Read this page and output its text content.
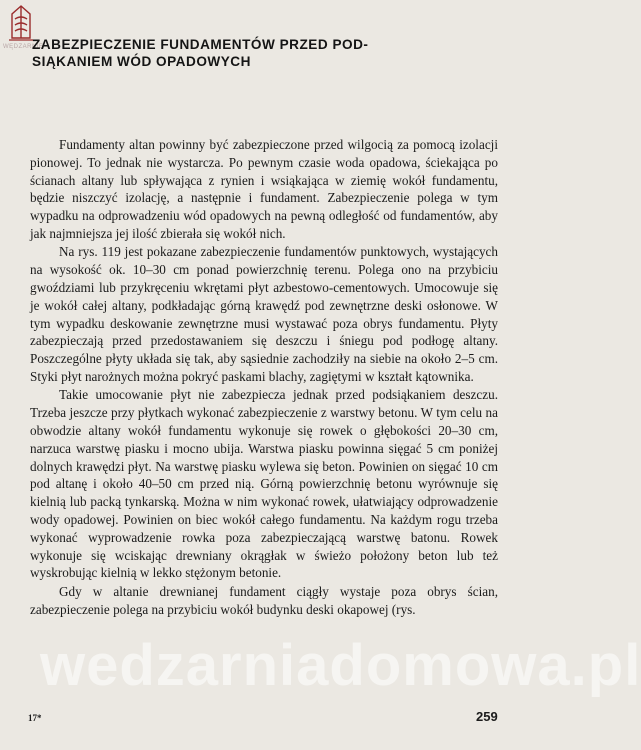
WĘDZARNIE
ZABEZPIECZENIE FUNDAMENTÓW PRZED POD-
SIĄKANIEM WÓD OPADOWYCH

Fundamenty altan powinny być zabezpieczone przed wilgocią za pomocą izolacji pionowej. To jednak nie wystarcza. Po pewnym czasie woda opadowa, ściekająca po ścianach altany lub spływająca z rynien i wsiąkająca w ziemię wokół fundamentu, będzie niszczyć izolację, a następnie i fundament. Zabezpieczenie polega w tym wypadku na odprowadzeniu wód opadowych na pewną odległość od fundamentów, aby jak najmniejsza jej ilość zbierała się wokół nich.

Na rys. 119 jest pokazane zabezpieczenie fundamentów punktowych, wystających na wysokość ok. 10–30 cm ponad powierzchnię terenu. Polega ono na przybiciu gwoździami lub przykręceniu wkrętami płyt azbestowo-cementowych. Umocowuje się je wokół całej altany, podkładając górną krawędź pod zewnętrzne deski osłonowe. W tym wypadku deskowanie zewnętrzne musi wystawać poza obrys fundamentu. Płyty zabezpieczają przed przedostawaniem się deszczu i śniegu pod podłogę altany. Poszczególne płyty układa się tak, aby sąsiednie zachodziły na siebie na około 2–5 cm. Styki płyt narożnych można pokryć paskami blachy, zagiętymi w kształt kątownika.

Takie umocowanie płyt nie zabezpiecza jednak przed podsiąkaniem deszczu. Trzeba jeszcze przy płytkach wykonać zabezpieczenie z warstwy betonu. W tym celu na obwodzie altany wokół fundamentu wykonuje się rowek o głębokości 20–30 cm, narzuca warstwę piasku i mocno ubija. Warstwa piasku powinna sięgać 5 cm poniżej dolnych krawędzi płyt. Na warstwę piasku wylewa się beton. Powinien on sięgać 10 cm pod altanę i około 40–50 cm przed nią. Górną powierzchnię betonu wyrównuje się kielnią lub packą tynkarską. Można w nim wykonać rowek, ułatwiający odprowadzenie wody opadowej. Powinien on biec wokół całego fundamentu. Na każdym rogu trzeba wykonać wyprowadzenie rowka poza zabezpieczającą warstwę batonu. Rowek wykonuje się wciskając drewniany okrągłak w świeżo położony beton lub też wyskrobując kielnią w lekko stężonym betonie.

Gdy w altanie drewnianej fundament ciągły wystaje poza obrys ścian, zabezpieczenie polega na przybiciu wokół budynku deski okapowej (rys.

wedzarniadomowa.pl
17*	259
